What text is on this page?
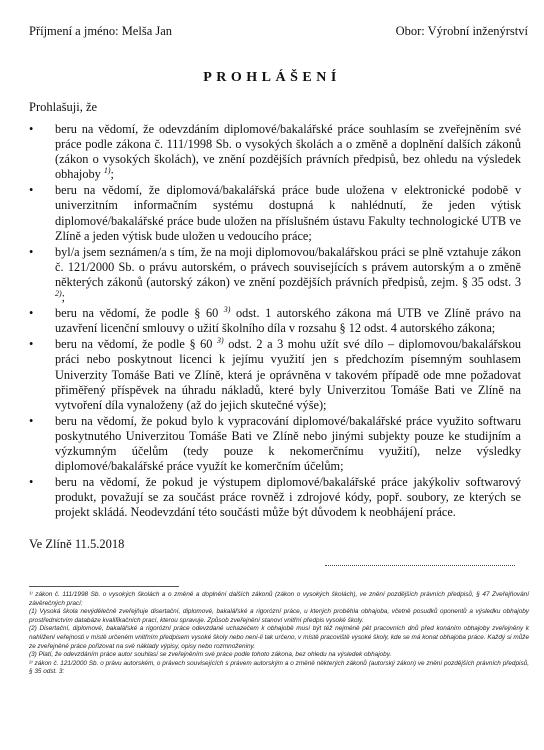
Příjmení a jméno: Melša Jan	Obor: Výrobní inženýrství
PROHLÁŠENÍ
Prohlašuji, že
• beru na vědomí, že odevzdáním diplomové/bakalářské práce souhlasím se zveřejněním své práce podle zákona č. 111/1998 Sb. o vysokých školách a o změně a doplnění dalších zákonů (zákon o vysokých školách), ve znění pozdějších právních předpisů, bez ohledu na výsledek obhajoby $^{1)}$;
• beru na vědomí, že diplomová/bakalářská práce bude uložena v elektronické podobě v univerzitním informačním systému dostupná k nahlédnutí, že jeden výtisk diplomové/bakalářské práce bude uložen na příslušném ústavu Fakulty technologické UTB ve Zlíně a jeden výtisk bude uložen u vedoucího práce;
• byl/a jsem seznámen/a s tím, že na moji diplomovou/bakalářskou práci se plně vztahuje zákon č. 121/2000 Sb. o právu autorském, o právech souvisejících s právem autorským a o změně některých zákonů (autorský zákon) ve znění pozdějších právních předpisů, zejm. § 35 odst. 3 $^{2)}$;
• beru na vědomí, že podle § 60 $^{3)}$ odst. 1 autorského zákona má UTB ve Zlíně právo na uzavření licenční smlouvy o užití školního díla v rozsahu § 12 odst. 4 autorského zákona;
• beru na vědomí, že podle § 60 $^{3)}$ odst. 2 a 3 mohu užít své dílo – diplomovou/bakalářskou práci nebo poskytnout licenci k jejímu využití jen s předchozím písemným souhlasem Univerzity Tomáše Bati ve Zlíně, která je oprávněna v takovém případě ode mne požadovat přiměřený příspěvek na úhradu nákladů, které byly Univerzitou Tomáše Bati ve Zlíně na vytvoření díla vynaloženy (až do jejich skutečné výše);
• beru na vědomí, že pokud bylo k vypracování diplomové/bakalářské práce využito softwaru poskytnutého Univerzitou Tomáše Bati ve Zlíně nebo jinými subjekty pouze ke studijním a výzkumným účelům (tedy pouze k nekomerčnímu využití), nelze výsledky diplomové/bakalářské práce využít ke komerčním účelům;
• beru na vědomí, že pokud je výstupem diplomové/bakalářské práce jakýkoliv softwarový produkt, považují se za součást práce rovněž i zdrojové kódy, popř. soubory, ze kterých se projekt skládá. Neodevzdání této součásti může být důvodem k neobhájení práce.
Ve Zlíně 11.5.2018

¹⁾ zákon č. 111/1998 Sb. o vysokých školách a o změně a doplnění dalších zákonů (zákon o vysokých školách), ve znění pozdějších právních předpisů, § 47 Zveřejňování závěrečných prací:

(1) Vysoká škola nevýdělečně zveřejňuje disertační, diplomové, bakalářské a rigorózní práce, u kterých proběhla obhajoba, včetně posudků oponentů a výsledku obhajoby prostřednictvím databáze kvalifikačních prací, kterou spravuje. Způsob zveřejnění stanoví vnitřní předpis vysoké školy.

(2) Disertační, diplomové, bakalářské a rigorózní práce odevzdané uchazečem k obhajobě musí být též nejméně pět pracovních dnů před konáním obhajoby zveřejněny k nahlížení veřejnosti v místě určeném vnitřním předpisem vysoké školy nebo není-li tak určeno, v místě pracoviště vysoké školy, kde se má konat obhajoba práce. Každý si může ze zveřejněné práce pořizovat na své náklady výpisy, opisy nebo rozmnoženiny.

(3) Platí, že odevzdáním práce autor souhlasí se zveřejněním své práce podle tohoto zákona, bez ohledu na výsledek obhajoby.

²⁾ zákon č. 121/2000 Sb. o právu autorském, o právech souvisejících s právem autorským a o změně některých zákonů (autorský zákon) ve znění pozdějších právních předpisů, § 35 odst. 3:
